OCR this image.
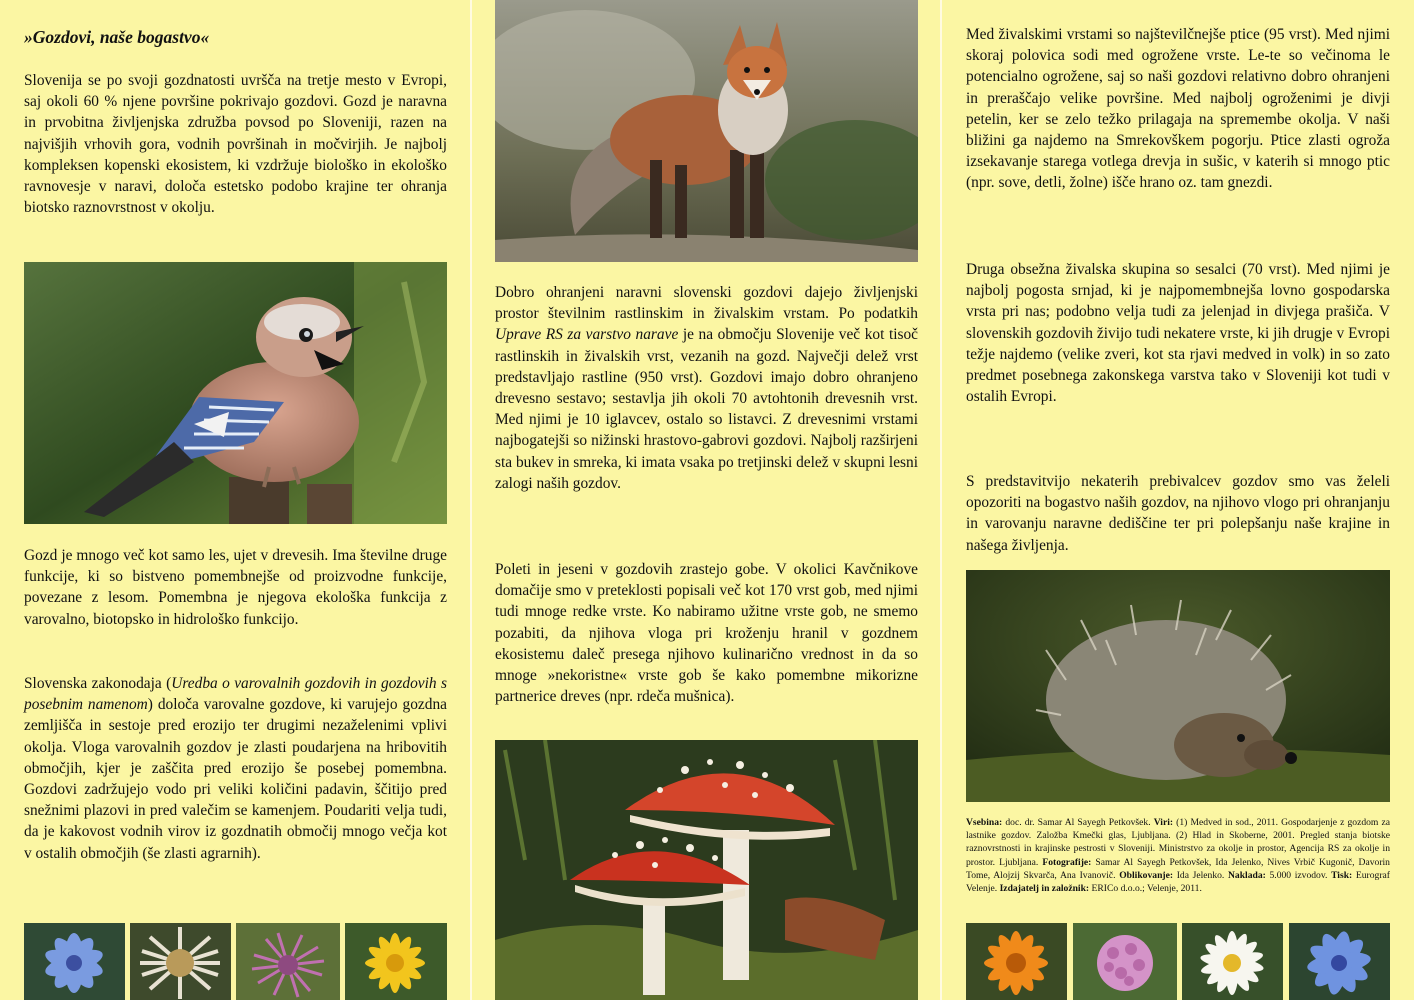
»Gozdovi, naše bogastvo«

Slovenija se po svoji gozdnatosti uvršča na tretje mesto v Evropi, saj okoli 60 % njene površine pokrivajo gozdovi. Gozd je naravna in prvobitna življenjska združba povsod po Sloveniji, razen na najvišjih vrhovih gora, vodnih površinah in močvirjih. Je najbolj kompleksen kopenski ekosistem, ki vzdržuje biološko in ekološko ravnovesje v naravi, določa estetsko podobo krajine ter ohranja biotsko raznovrstnost v okolju.

Gozd je mnogo več kot samo les, ujet v drevesih. Ima številne druge funkcije, ki so bistveno pomembnejše od proizvodne funkcije, povezane z lesom. Pomembna je njegova ekološka funkcija z varovalno, biotopsko in hidrološko funkcijo.

Slovenska zakonodaja (Uredba o varovalnih gozdovih in gozdovih s posebnim namenom) določa varovalne gozdove, ki varujejo gozdna zemljišča in sestoje pred erozijo ter drugimi nezaželenimi vplivi okolja. Vloga varovalnih gozdov je zlasti poudarjena na hribovitih območjih, kjer je zaščita pred erozijo še posebej pomembna. Gozdovi zadržujejo vodo pri veliki količini padavin, ščitijo pred snežnimi plazovi in pred valečim se kamenjem. Poudariti velja tudi, da je kakovost vodnih virov iz gozdnatih območij mnogo večja kot v ostalih območjih (še zlasti agrarnih).

Dobro ohranjeni naravni slovenski gozdovi dajejo življenjski prostor številnim rastlinskim in živalskim vrstam. Po podatkih Uprave RS za varstvo narave je na območju Slovenije več kot tisoč rastlinskih in živalskih vrst, vezanih na gozd. Največji delež vrst predstavljajo rastline (950 vrst). Gozdovi imajo dobro ohranjeno drevesno sestavo; sestavlja jih okoli 70 avtohtonih drevesnih vrst. Med njimi je 10 iglavcev, ostalo so listavci. Z drevesnimi vrstami najbogatejši so nižinski hrastovo-gabrovi gozdovi. Najbolj razširjeni sta bukev in smreka, ki imata vsaka po tretjinski delež v skupni lesni zalogi naših gozdov.

Poleti in jeseni v gozdovih zrastejo gobe. V okolici Kavčnikove domačije smo v preteklosti popisali več kot 170 vrst gob, med njimi tudi mnoge redke vrste. Ko nabiramo užitne vrste gob, ne smemo pozabiti, da njihova vloga pri kroženju hranil v gozdnem ekosistemu daleč presega njihovo kulinarično vrednost in da so mnoge »nekoristne« vrste gob še kako pomembne mikorizne partnerice dreves (npr. rdeča mušnica).

Med živalskimi vrstami so najštevilčnejše ptice (95 vrst). Med njimi skoraj polovica sodi med ogrožene vrste. Le-te so večinoma le potencialno ogrožene, saj so naši gozdovi relativno dobro ohranjeni in preraščajo velike površine. Med najbolj ogroženimi je divji petelin, ker se zelo težko prilagaja na spremembe okolja. V naši bližini ga najdemo na Smrekovškem pogorju. Ptice zlasti ogroža izsekavanje starega votlega drevja in sušic, v katerih si mnogo ptic (npr. sove, detli, žolne) išče hrano oz. tam gnezdi.

Druga obsežna živalska skupina so sesalci (70 vrst). Med njimi je najbolj pogosta srnjad, ki je najpomembnejša lovno gospodarska vrsta pri nas; podobno velja tudi za jelenjad in divjega prašiča. V slovenskih gozdovih živijo tudi nekatere vrste, ki jih drugje v Evropi težje najdemo (velike zveri, kot sta rjavi medved in volk) in so zato predmet posebnega zakonskega varstva tako v Sloveniji kot tudi v ostalih Evropi.

S predstavitvijo nekaterih prebivalcev gozdov smo vas želeli opozoriti na bogastvo naših gozdov, na njihovo vlogo pri ohranjanju in varovanju naravne dediščine ter pri polepšanju naše krajine in našega življenja.

Vsebina: doc. dr. Samar Al Sayegh Petkovšek. Viri: (1) Medved in sod., 2011. Gospodarjenje z gozdom za lastnike gozdov. Založba Kmečki glas, Ljubljana. (2) Hlad in Skoberne, 2001. Pregled stanja biotske raznovrstnosti in krajinske pestrosti v Sloveniji. Ministrstvo za okolje in prostor, Agencija RS za okolje in prostor. Ljubljana. Fotografije: Samar Al Sayegh Petkovšek, Ida Jelenko, Nives Vrbič Kugonič, Davorin Tome, Alojzij Skvarča, Ana Ivanovič. Oblikovanje: Ida Jelenko. Naklada: 5.000 izvodov. Tisk: Eurograf Velenje. Izdajatelj in založnik: ERICo d.o.o.; Velenje, 2011.
